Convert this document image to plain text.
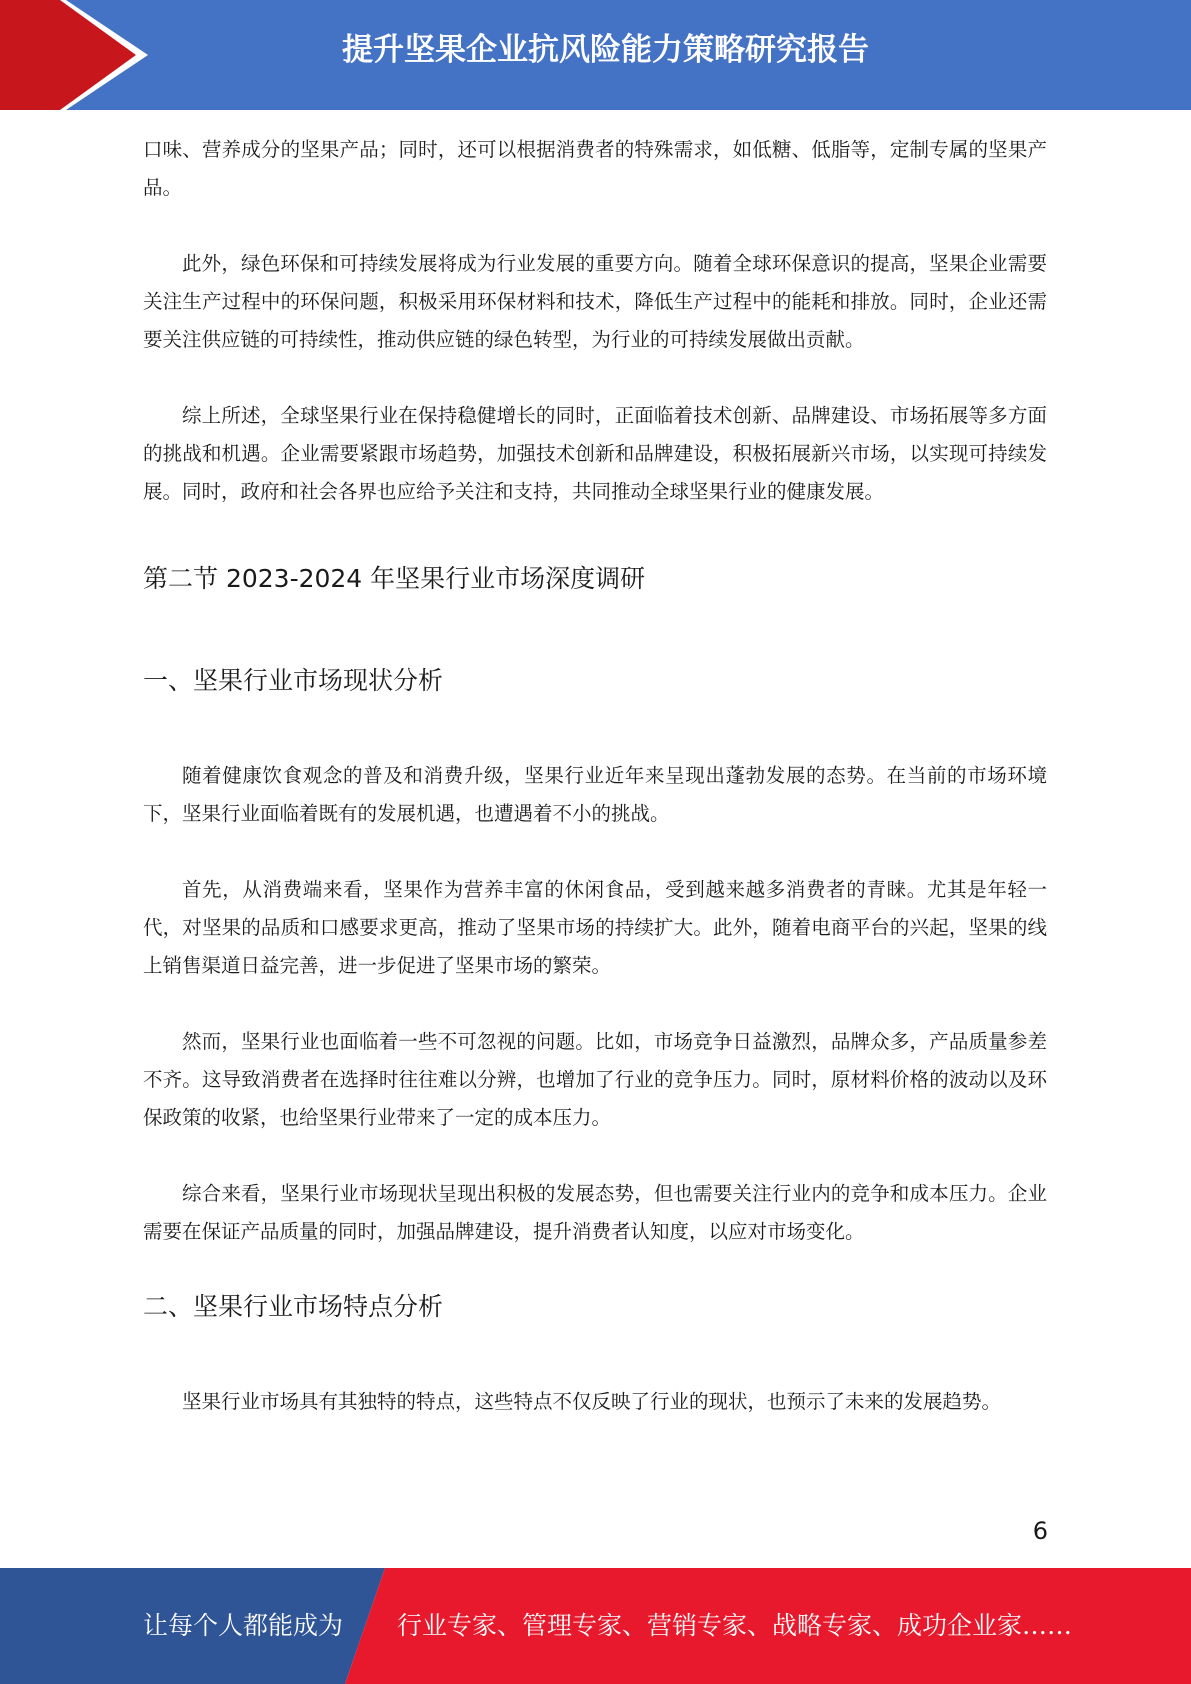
提升坚果企业抗风险能力策略研究报告

口味、营养成分的坚果产品；同时，还可以根据消费者的特殊需求，如低糖、低脂等，定制专属的坚果产品。

此外，绿色环保和可持续发展将成为行业发展的重要方向。随着全球环保意识的提高，坚果企业需要关注生产过程中的环保问题，积极采用环保材料和技术，降低生产过程中的能耗和排放。同时，企业还需要关注供应链的可持续性，推动供应链的绿色转型，为行业的可持续发展做出贡献。

综上所述，全球坚果行业在保持稳健增长的同时，正面临着技术创新、品牌建设、市场拓展等多方面的挑战和机遇。企业需要紧跟市场趋势，加强技术创新和品牌建设，积极拓展新兴市场，以实现可持续发展。同时，政府和社会各界也应给予关注和支持，共同推动全球坚果行业的健康发展。

第二节 2023-2024 年坚果行业市场深度调研
一、坚果行业市场现状分析

随着健康饮食观念的普及和消费升级，坚果行业近年来呈现出蓬勃发展的态势。在当前的市场环境下，坚果行业面临着既有的发展机遇，也遭遇着不小的挑战。

首先，从消费端来看，坚果作为营养丰富的休闲食品，受到越来越多消费者的青睐。尤其是年轻一代，对坚果的品质和口感要求更高，推动了坚果市场的持续扩大。此外，随着电商平台的兴起，坚果的线上销售渠道日益完善，进一步促进了坚果市场的繁荣。

然而，坚果行业也面临着一些不可忽视的问题。比如，市场竞争日益激烈，品牌众多，产品质量参差不齐。这导致消费者在选择时往往难以分辨，也增加了行业的竞争压力。同时，原材料价格的波动以及环保政策的收紧，也给坚果行业带来了一定的成本压力。

综合来看，坚果行业市场现状呈现出积极的发展态势，但也需要关注行业内的竞争和成本压力。企业需要在保证产品质量的同时，加强品牌建设，提升消费者认知度，以应对市场变化。

二、坚果行业市场特点分析

坚果行业市场具有其独特的特点，这些特点不仅反映了行业的现状，也预示了未来的发展趋势。

6
让每个人都能成为 行业专家、管理专家、营销专家、战略专家、成功企业家……
